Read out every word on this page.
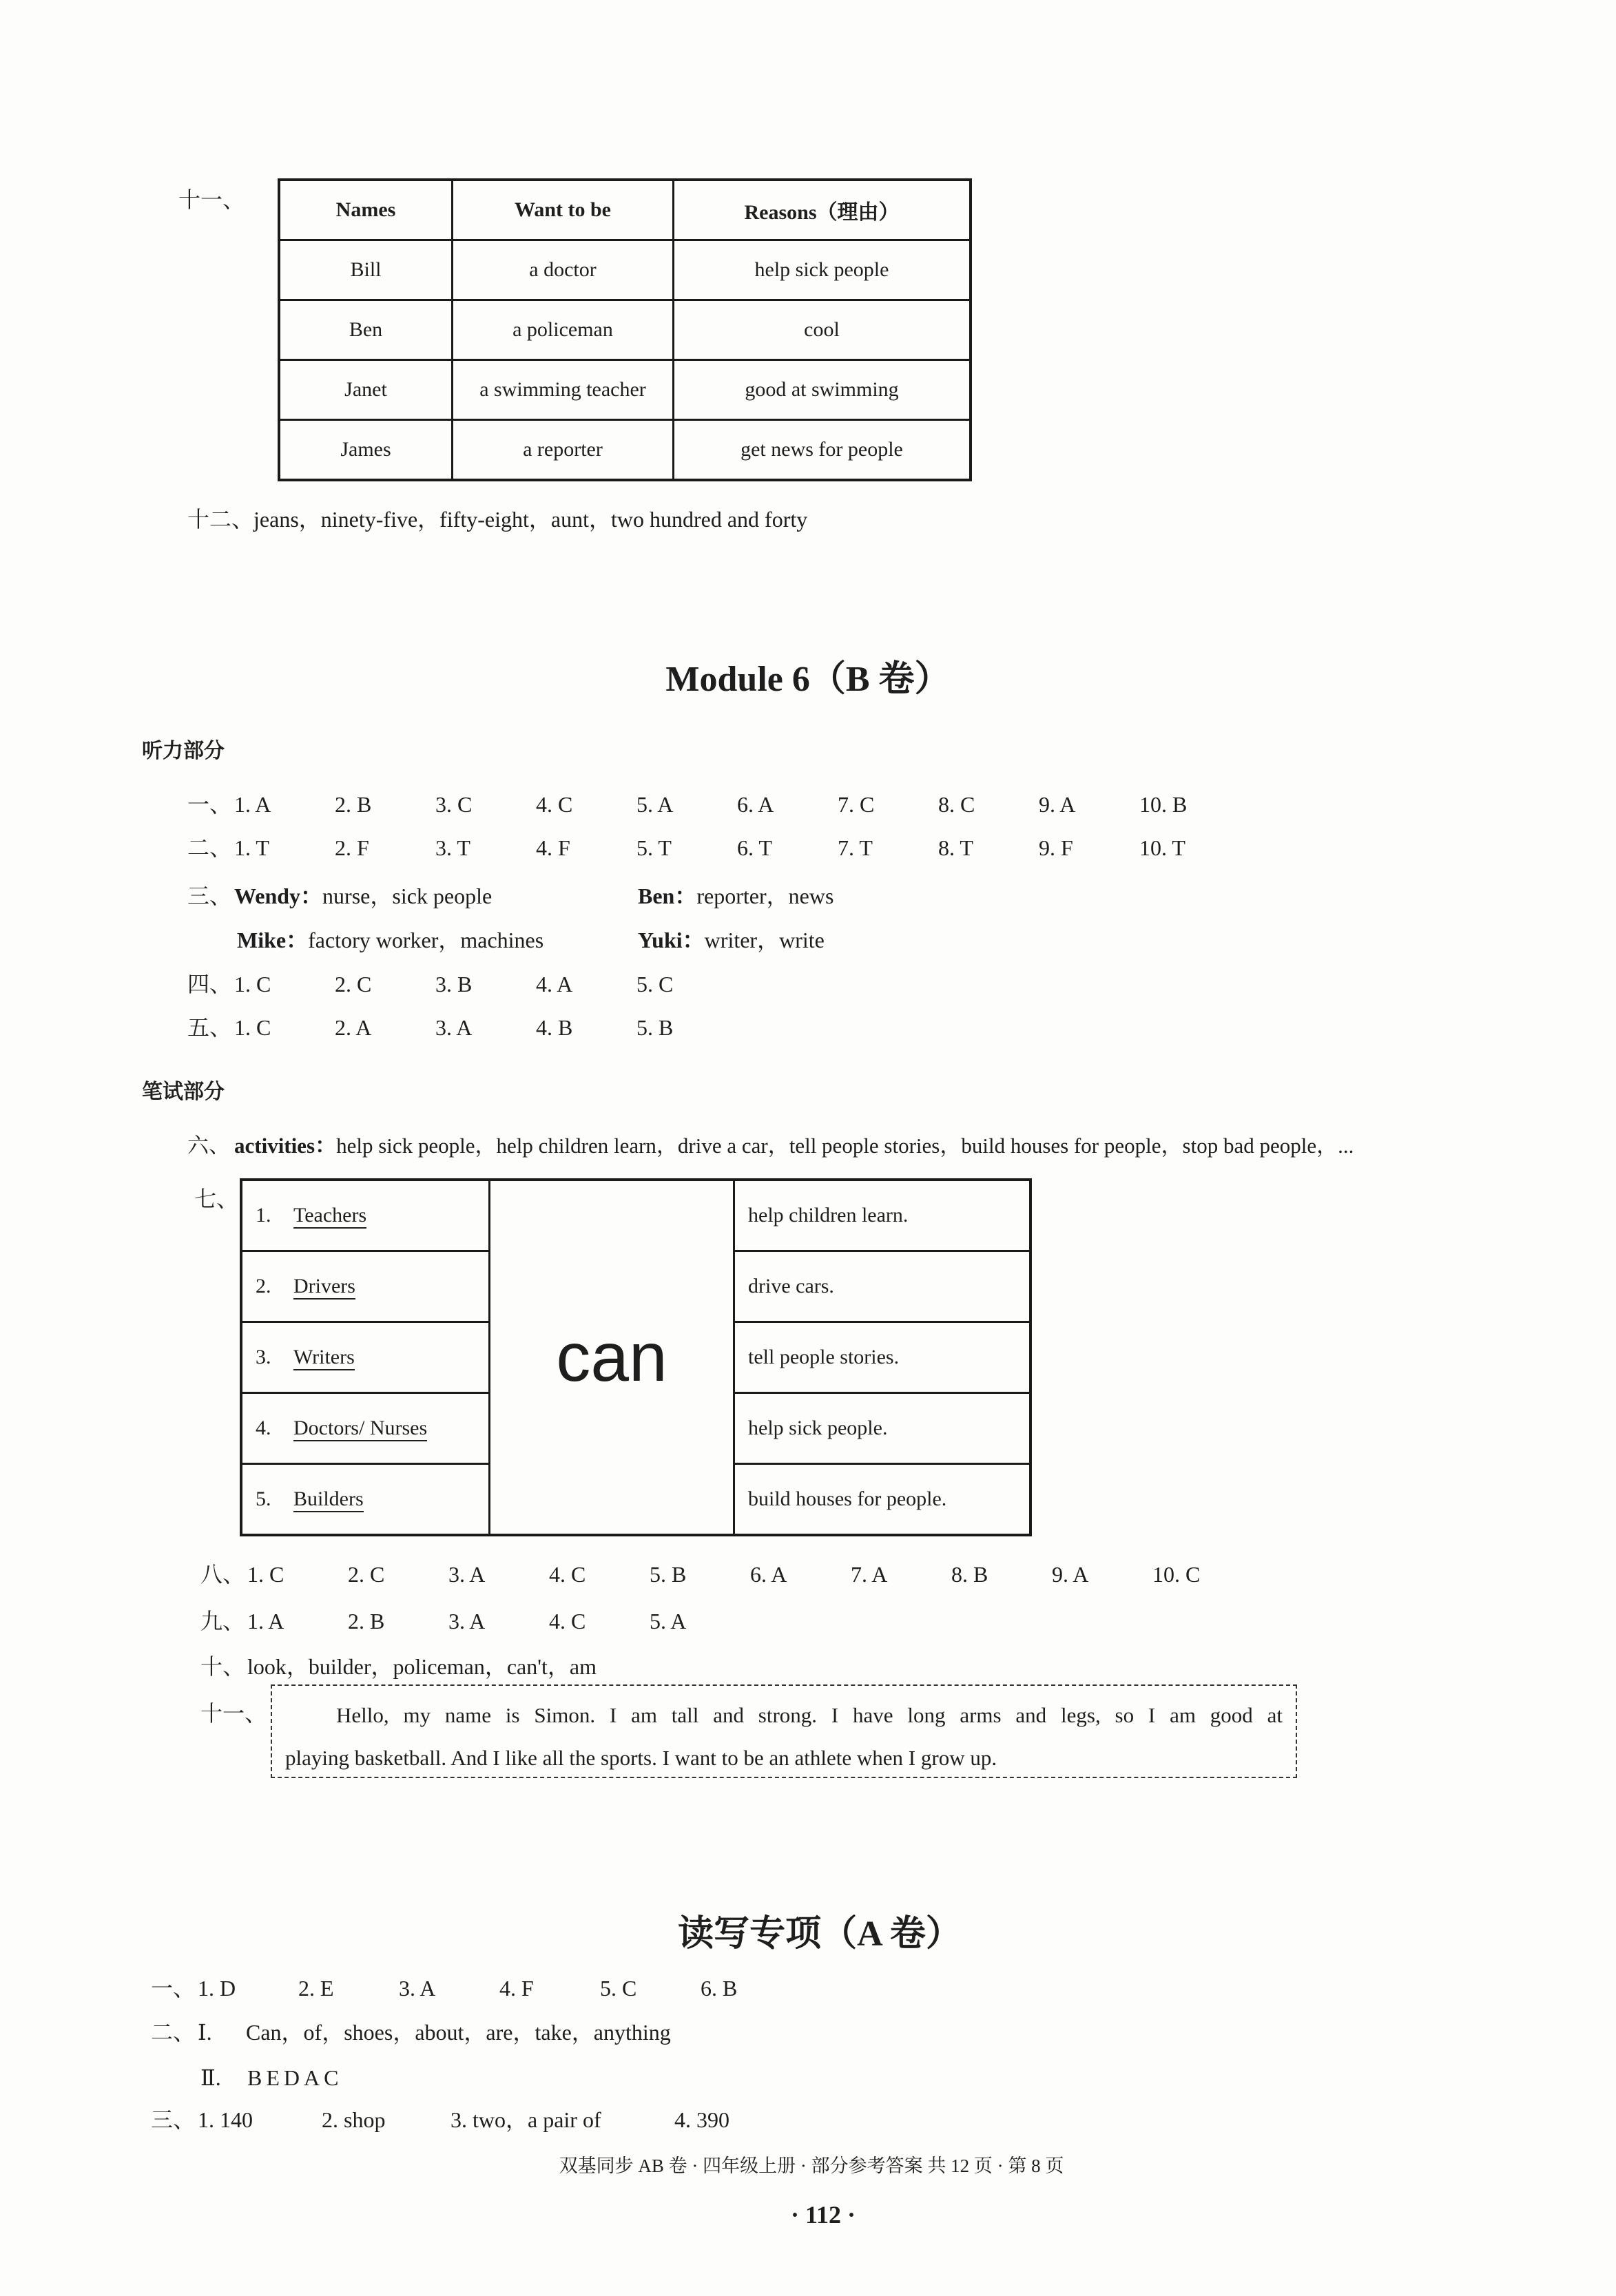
十一、	Names	Want to be	Reasons（理由）
Bill	a doctor	help sick people
Ben	a policeman	cool
Janet	a swimming teacher	good at swimming
James	a reporter	get news for people
十二、 jeans，ninety-five，fifty-eight，aunt，two hundred and forty
Module 6（B 卷）
听力部分
一、 1. A	2. B	3. C	4. C	5. A	6. A	7. C	8. C	9. A	10. B
二、 1. T	2. F	3. T	4. F	5. T	6. T	7. T	8. T	9. F	10. T
三、 Wendy：nurse，sick people	Ben：reporter，news
Mike：factory worker，machines	Yuki：writer，write
四、 1. C	2. C	3. B	4. A	5. C
五、 1. C	2. A	3. A	4. B	5. B
笔试部分
六、 activities： help sick people，help children learn，drive a car，tell people stories，build houses for people，stop bad people，...
七、
1. Teachers	can	help children learn.
2. Drivers		drive cars.
3. Writers		tell people stories.
4. Doctors/ Nurses		help sick people.
5. Builders		build houses for people.
八、 1. C	2. C	3. A	4. C	5. B	6. A	7. A	8. B	9. A	10. C
九、 1. A	2. B	3. A	4. C	5. A
十、 look，builder，policeman，can't，am
十一、	Hello, my name is Simon. I am tall and strong. I have long arms and legs, so I am good at
playing basketball. And I like all the sports. I want to be an athlete when I grow up.
读写专项（A 卷）
一、 1. D	2. E	3. A	4. F	5. C	6. B
二、 Ⅰ.	Can，of，shoes，about，are，take，anything
Ⅱ.	BEDAC
三、 1. 140	2. shop	3. two，a pair of	4. 390
双基同步 AB 卷 · 四年级上册 · 部分参考答案 共 12 页 · 第 8 页
· 112 ·
